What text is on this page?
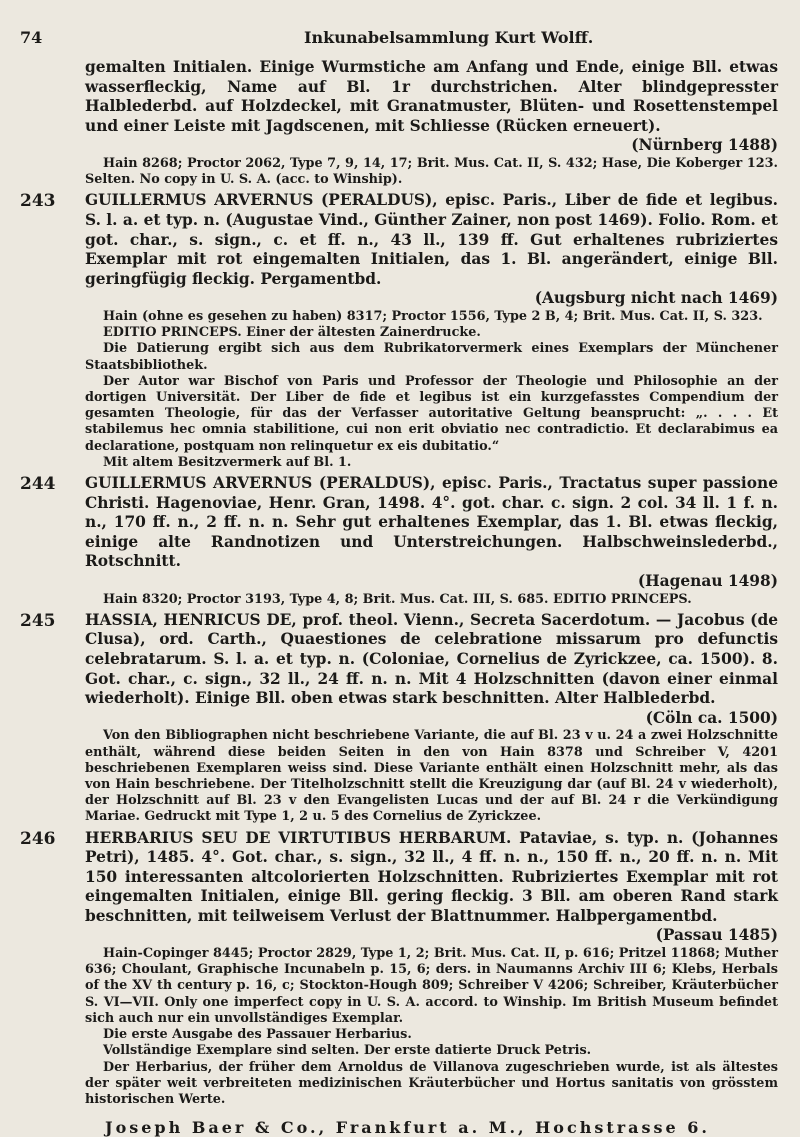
74	Inkunabelsammlung Kurt Wolff.

gemalten Initialen. Einige Wurmstiche am Anfang und Ende, einige Bll. etwas wasserfleckig, Name auf Bl. 1r durchstrichen. Alter blindgepresster Halblederbd. auf Holzdeckel, mit Granatmuster, Blüten- und Rosettenstempel und einer Leiste mit Jagdscenen, mit Schliesse (Rücken erneuert).

(Nürnberg 1488)

Hain 8268; Proctor 2062, Type 7, 9, 14, 17; Brit. Mus. Cat. II, S. 432; Hase, Die Koberger 123. Selten. No copy in U. S. A. (acc. to Winship).

243 GUILLERMUS ARVERNUS (PERALDUS), episc. Paris., Liber de fide et legibus. S. l. a. et typ. n. (Augustae Vind., Günther Zainer, non post 1469). Folio. Rom. et got. char., s. sign., c. et ff. n., 43 ll., 139 ff. Gut erhaltenes rubriziertes Exemplar mit rot eingemalten Initialen, das 1. Bl. angerändert, einige Bll. geringfügig fleckig. Pergamentbd.

(Augsburg nicht nach 1469)

Hain (ohne es gesehen zu haben) 8317; Proctor 1556, Type 2 B, 4; Brit. Mus. Cat. II, S. 323.

EDITIO PRINCEPS. Einer der ältesten Zainerdrucke.

Die Datierung ergibt sich aus dem Rubrikatorvermerk eines Exemplars der Münchener Staatsbibliothek.

Der Autor war Bischof von Paris und Professor der Theologie und Philosophie an der dortigen Universität. Der Liber de fide et legibus ist ein kurzgefasstes Compendium der gesamten Theologie, für das der Verfasser autoritative Geltung beansprucht: „. . . . Et stabilemus hec omnia stabilitione, cui non erit obviatio nec contradictio. Et declarabimus ea declaratione, postquam non relinquetur ex eis dubitatio.“

Mit altem Besitzvermerk auf Bl. 1.

244 GUILLERMUS ARVERNUS (PERALDUS), episc. Paris., Tractatus super passione Christi. Hagenoviae, Henr. Gran, 1498. 4°. got. char. c. sign. 2 col. 34 ll. 1 f. n. n., 170 ff. n., 2 ff. n. n. Sehr gut erhaltenes Exemplar, das 1. Bl. etwas fleckig, einige alte Randnotizen und Unterstreichungen. Halbschweinslederbd., Rotschnitt.

(Hagenau 1498)

Hain 8320; Proctor 3193, Type 4, 8; Brit. Mus. Cat. III, S. 685. EDITIO PRINCEPS.

245 HASSIA, HENRICUS DE, prof. theol. Vienn., Secreta Sacerdotum. — Jacobus (de Clusa), ord. Carth., Quaestiones de celebratione missarum pro defunctis celebratarum. S. l. a. et typ. n. (Coloniae, Cornelius de Zyrickzee, ca. 1500). 8. Got. char., c. sign., 32 ll., 24 ff. n. n. Mit 4 Holzschnitten (davon einer einmal wiederholt). Einige Bll. oben etwas stark beschnitten. Alter Halblederbd.

(Cöln ca. 1500)

Von den Bibliographen nicht beschriebene Variante, die auf Bl. 23 v u. 24 a zwei Holzschnitte enthält, während diese beiden Seiten in den von Hain 8378 und Schreiber V, 4201 beschriebenen Exemplaren weiss sind. Diese Variante enthält einen Holzschnitt mehr, als das von Hain beschriebene. Der Titelholzschnitt stellt die Kreuzigung dar (auf Bl. 24 v wiederholt), der Holzschnitt auf Bl. 23 v den Evangelisten Lucas und der auf Bl. 24 r die Verkündigung Mariae. Gedruckt mit Type 1, 2 u. 5 des Cornelius de Zyrickzee.

246 HERBARIUS SEU DE VIRTUTIBUS HERBARUM. Pataviae, s. typ. n. (Johannes Petri), 1485. 4°. Got. char., s. sign., 32 ll., 4 ff. n. n., 150 ff. n., 20 ff. n. n. Mit 150 interessanten altcolorierten Holzschnitten. Rubriziertes Exemplar mit rot eingemalten Initialen, einige Bll. gering fleckig. 3 Bll. am oberen Rand stark beschnitten, mit teilweisem Verlust der Blattnummer. Halbpergamentbd.

(Passau 1485)

Hain-Copinger 8445; Proctor 2829, Type 1, 2; Brit. Mus. Cat. II, p. 616; Pritzel 11868; Muther 636; Choulant, Graphische Incunabeln p. 15, 6; ders. in Naumanns Archiv III 6; Klebs, Herbals of the XV th century p. 16, c; Stockton-Hough 809; Schreiber V 4206; Schreiber, Kräuterbücher S. VI—VII. Only one imperfect copy in U. S. A. accord. to Winship. Im British Museum befindet sich auch nur ein unvollständiges Exemplar.

Die erste Ausgabe des Passauer Herbarius.

Vollständige Exemplare sind selten. Der erste datierte Druck Petris.

Der Herbarius, der früher dem Arnoldus de Villanova zugeschrieben wurde, ist als ältestes der später weit verbreiteten medizinischen Kräuterbücher und Hortus sanitatis von grösstem historischen Werte.

Joseph Baer & Co., Frankfurt a. M., Hochstrasse 6.
